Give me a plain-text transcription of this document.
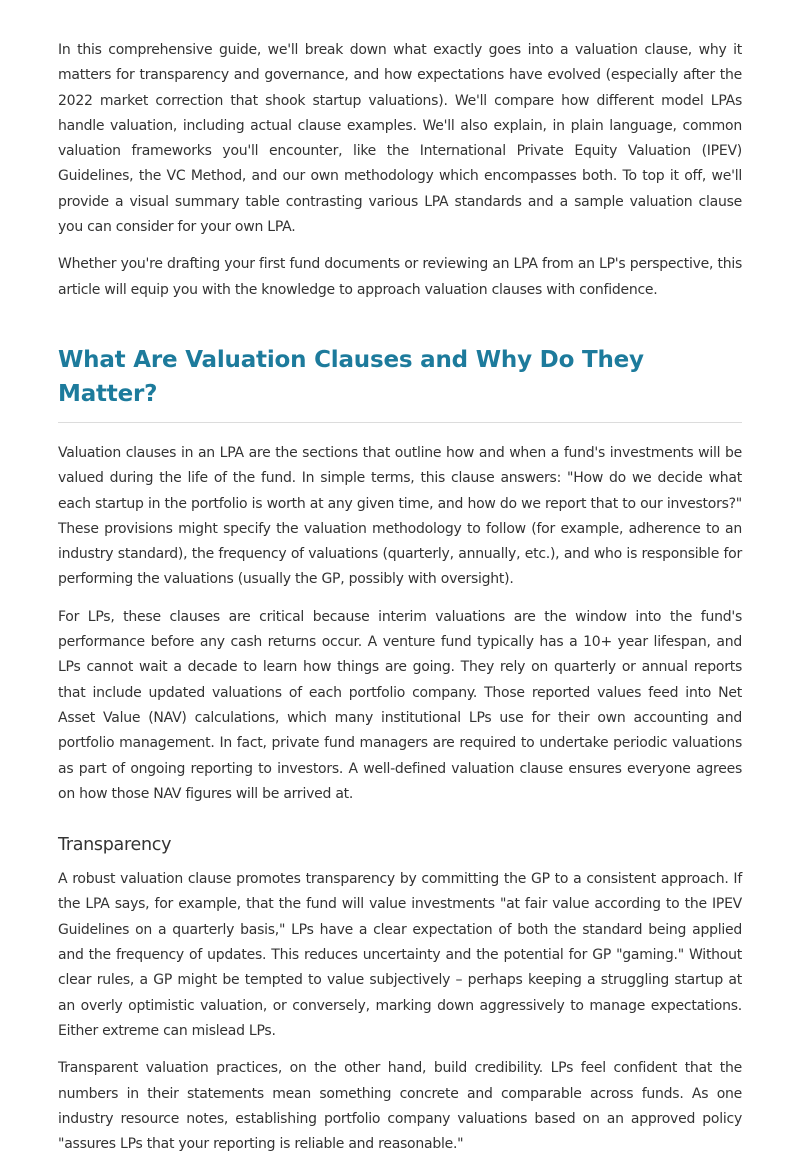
In this comprehensive guide, we'll break down what exactly goes into a valuation clause, why it matters for transparency and governance, and how expectations have evolved (especially after the 2022 market correction that shook startup valuations). We'll compare how different model LPAs handle valuation, including actual clause examples. We'll also explain, in plain language, common valuation frameworks you'll encounter, like the International Private Equity Valuation (IPEV) Guidelines, the VC Method, and our own methodology which encompasses both. To top it off, we'll provide a visual summary table contrasting various LPA standards and a sample valuation clause you can consider for your own LPA.

Whether you're drafting your first fund documents or reviewing an LPA from an LP's perspective, this article will equip you with the knowledge to approach valuation clauses with confidence.

What Are Valuation Clauses and Why Do They Matter?

Valuation clauses in an LPA are the sections that outline how and when a fund's investments will be valued during the life of the fund. In simple terms, this clause answers: "How do we decide what each startup in the portfolio is worth at any given time, and how do we report that to our investors?" These provisions might specify the valuation methodology to follow (for example, adherence to an industry standard), the frequency of valuations (quarterly, annually, etc.), and who is responsible for performing the valuations (usually the GP, possibly with oversight).

For LPs, these clauses are critical because interim valuations are the window into the fund's performance before any cash returns occur. A venture fund typically has a 10+ year lifespan, and LPs cannot wait a decade to learn how things are going. They rely on quarterly or annual reports that include updated valuations of each portfolio company. Those reported values feed into Net Asset Value (NAV) calculations, which many institutional LPs use for their own accounting and portfolio management. In fact, private fund managers are required to undertake periodic valuations as part of ongoing reporting to investors. A well-defined valuation clause ensures everyone agrees on how those NAV figures will be arrived at.

Transparency

A robust valuation clause promotes transparency by committing the GP to a consistent approach. If the LPA says, for example, that the fund will value investments "at fair value according to the IPEV Guidelines on a quarterly basis," LPs have a clear expectation of both the standard being applied and the frequency of updates. This reduces uncertainty and the potential for GP "gaming." Without clear rules, a GP might be tempted to value subjectively – perhaps keeping a struggling startup at an overly optimistic valuation, or conversely, marking down aggressively to manage expectations. Either extreme can mislead LPs.

Transparent valuation practices, on the other hand, build credibility. LPs feel confident that the numbers in their statements mean something concrete and comparable across funds. As one industry resource notes, establishing portfolio company valuations based on an approved policy "assures LPs that your reporting is reliable and reasonable."
